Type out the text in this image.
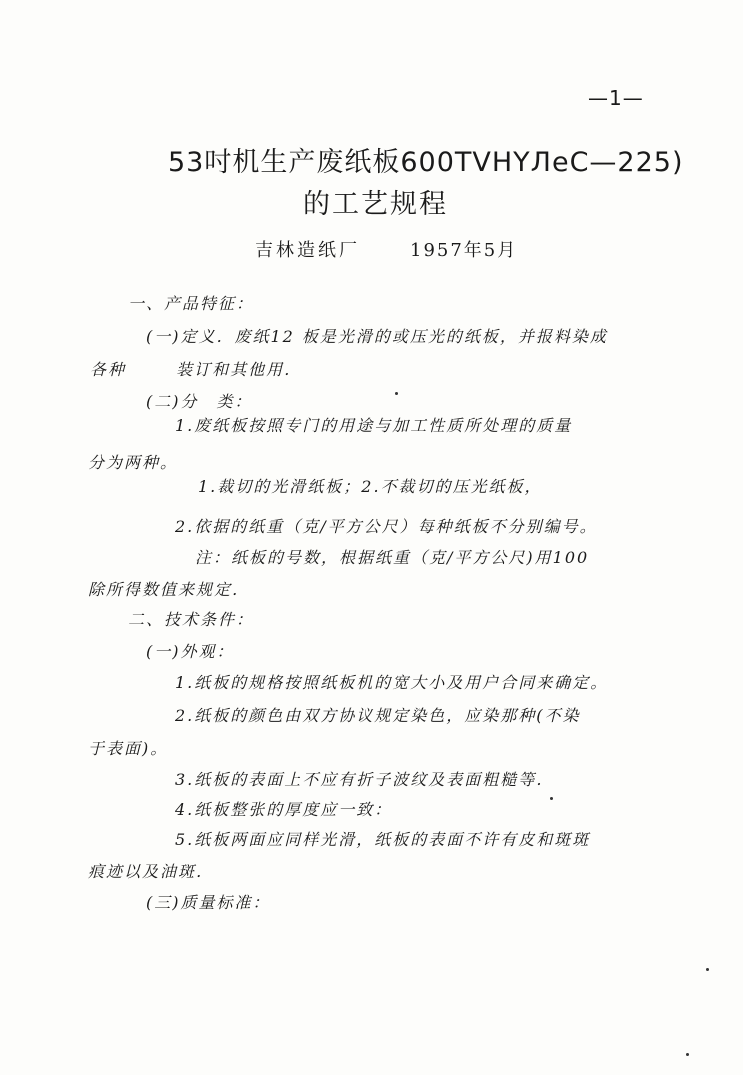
—1—
53吋机生产废纸板600TVHYЛeC—225)
的工艺规程
吉林造纸厂	1957年5月
一、产品特征：
(一)定义．废纸12 板是光滑的或压光的纸板，并报料染成
各种 　　 装订和其他用．
(二)分　类：
1.废纸板按照专门的用途与加工性质所处理的质量
分为两种。
1.裁切的光滑纸板；2.不裁切的压光纸板，
2.依据的纸重（克/平方公尺）每种纸板不分别编号。
注：纸板的号数，根据纸重（克/平方公尺)用100
除所得数值来规定．
二、技术条件：
(一)外观：
1.纸板的规格按照纸板机的宽大小及用户合同来确定。
2.纸板的颜色由双方协议规定染色，应染那种(不染
于表面)。
3.纸板的表面上不应有折子波纹及表面粗糙等．
4.纸板整张的厚度应一致：
5.纸板两面应同样光滑，纸板的表面不许有皮和斑斑
痕迹以及油斑．
(三)质量标准：
